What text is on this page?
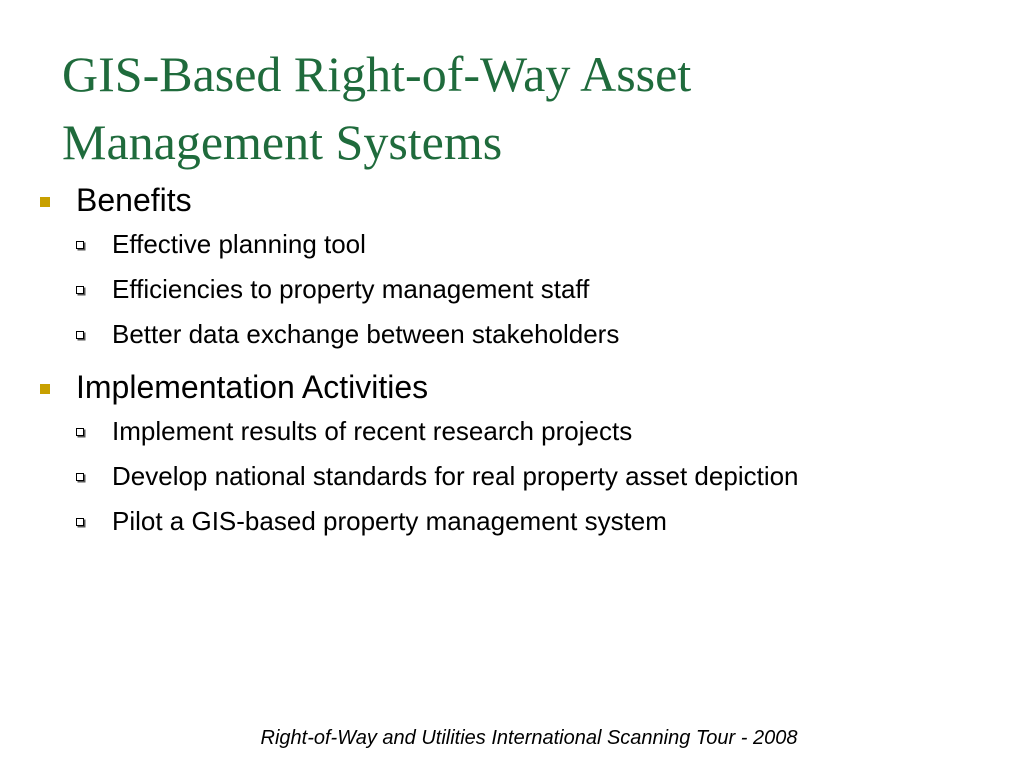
GIS-Based Right-of-Way Asset
Management Systems
Benefits
Effective planning tool
Efficiencies to property management staff
Better data exchange between stakeholders
Implementation Activities
Implement results of recent research projects
Develop national standards for real property asset depiction
Pilot a GIS-based property management system
Right-of-Way and Utilities International Scanning Tour - 2008
